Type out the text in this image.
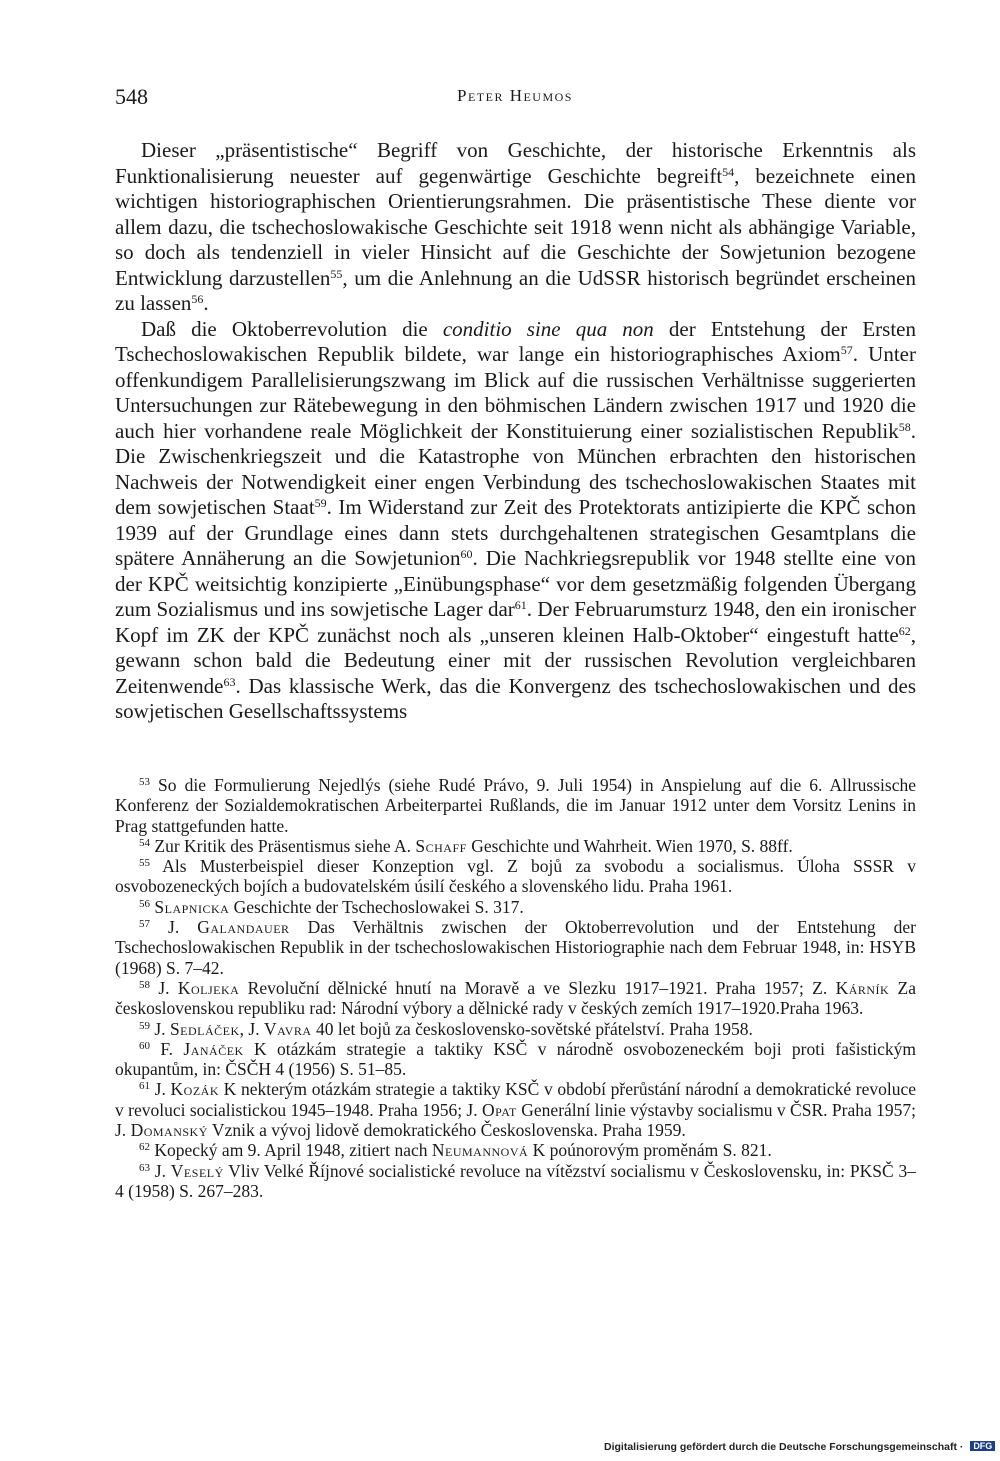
548	Peter Heumos

Dieser „präsentistische“ Begriff von Geschichte, der historische Erkenntnis als Funktionalisierung neuester auf gegenwärtige Geschichte begreift$^{54}$, bezeichnete einen wichtigen historiographischen Orientierungsrahmen. Die präsentistische These diente vor allem dazu, die tschechoslowakische Geschichte seit 1918 wenn nicht als abhängige Variable, so doch als tendenziell in vieler Hinsicht auf die Geschichte der Sowjetunion bezogene Entwicklung darzustellen$^{55}$, um die Anlehnung an die UdSSR historisch begründet erscheinen zu lassen$^{56}$.

Daß die Oktoberrevolution die conditio sine qua non der Entstehung der Ersten Tschechoslowakischen Republik bildete, war lange ein historiographisches Axiom$^{57}$. Unter offenkundigem Parallelisierungszwang im Blick auf die russischen Verhältnisse suggerierten Untersuchungen zur Rätebewegung in den böhmischen Ländern zwischen 1917 und 1920 die auch hier vorhandene reale Möglichkeit der Konstituierung einer sozialistischen Republik$^{58}$. Die Zwischenkriegszeit und die Katastrophe von München erbrachten den historischen Nachweis der Notwendigkeit einer engen Verbindung des tschechoslowakischen Staates mit dem sowjetischen Staat$^{59}$. Im Widerstand zur Zeit des Protektorats antizipierte die KPČ schon 1939 auf der Grundlage eines dann stets durchgehaltenen strategischen Gesamtplans die spätere Annäherung an die Sowjetunion$^{60}$. Die Nachkriegsrepublik vor 1948 stellte eine von der KPČ weitsichtig konzipierte „Einübungsphase“ vor dem gesetzmäßig folgenden Übergang zum Sozialismus und ins sowjetische Lager dar$^{61}$. Der Februarumsturz 1948, den ein ironischer Kopf im ZK der KPČ zunächst noch als „unseren kleinen Halb-Oktober“ eingestuft hatte$^{62}$, gewann schon bald die Bedeutung einer mit der russischen Revolution vergleichbaren Zeitenwende$^{63}$. Das klassische Werk, das die Konvergenz des tschechoslowakischen und des sowjetischen Gesellschaftssystems

$^{53}$ So die Formulierung Nejedlýs (siehe Rudé Právo, 9. Juli 1954) in Anspielung auf die 6. Allrussische Konferenz der Sozialdemokratischen Arbeiterpartei Rußlands, die im Januar 1912 unter dem Vorsitz Lenins in Prag stattgefunden hatte.

$^{54}$ Zur Kritik des Präsentismus siehe A. Schaff Geschichte und Wahrheit. Wien 1970, S. 88ff.

$^{55}$ Als Musterbeispiel dieser Konzeption vgl. Z bojů za svobodu a socialismus. Úloha SSSR v osvobozeneckých bojích a budovatelském úsilí českého a slovenského lidu. Praha 1961.

$^{56}$ Slapnicka Geschichte der Tschechoslowakei S. 317.

$^{57}$ J. Galandauer Das Verhältnis zwischen der Oktoberrevolution und der Entstehung der Tschechoslowakischen Republik in der tschechoslowakischen Historiographie nach dem Februar 1948, in: HSYB (1968) S. 7–42.

$^{58}$ J. Koljeka Revoluční dělnické hnutí na Moravě a ve Slezku 1917–1921. Praha 1957; Z. Kárník Za československou republiku rad: Národní výbory a dělnické rady v českých zemích 1917–1920.Praha 1963.

$^{59}$ J. Sedláček, J. Vavra 40 let bojů za československo-sovětské přátelství. Praha 1958.

$^{60}$ F. Janáček K otázkám strategie a taktiky KSČ v národně osvobozeneckém boji proti fašistickým okupantům, in: ČSČH 4 (1956) S. 51–85.

$^{61}$ J. Kozák K nekterým otázkám strategie a taktiky KSČ v období přerůstání národní a demokratické revoluce v revoluci socialistickou 1945–1948. Praha 1956; J. Opat Generální linie výstavby socialismu v ČSR. Praha 1957; J. Domanský Vznik a vývoj lidově demokratického Československa. Praha 1959.

$^{62}$ Kopecký am 9. April 1948, zitiert nach Neumannová K poúnorovým proměnám S. 821.

$^{63}$ J. Veselý Vliv Velké Říjnové socialistické revoluce na vítězství socialismu v Československu, in: PKSČ 3–4 (1958) S. 267–283.

Digitalisierung gefördert durch die Deutsche Forschungsgemeinschaft · DFG
